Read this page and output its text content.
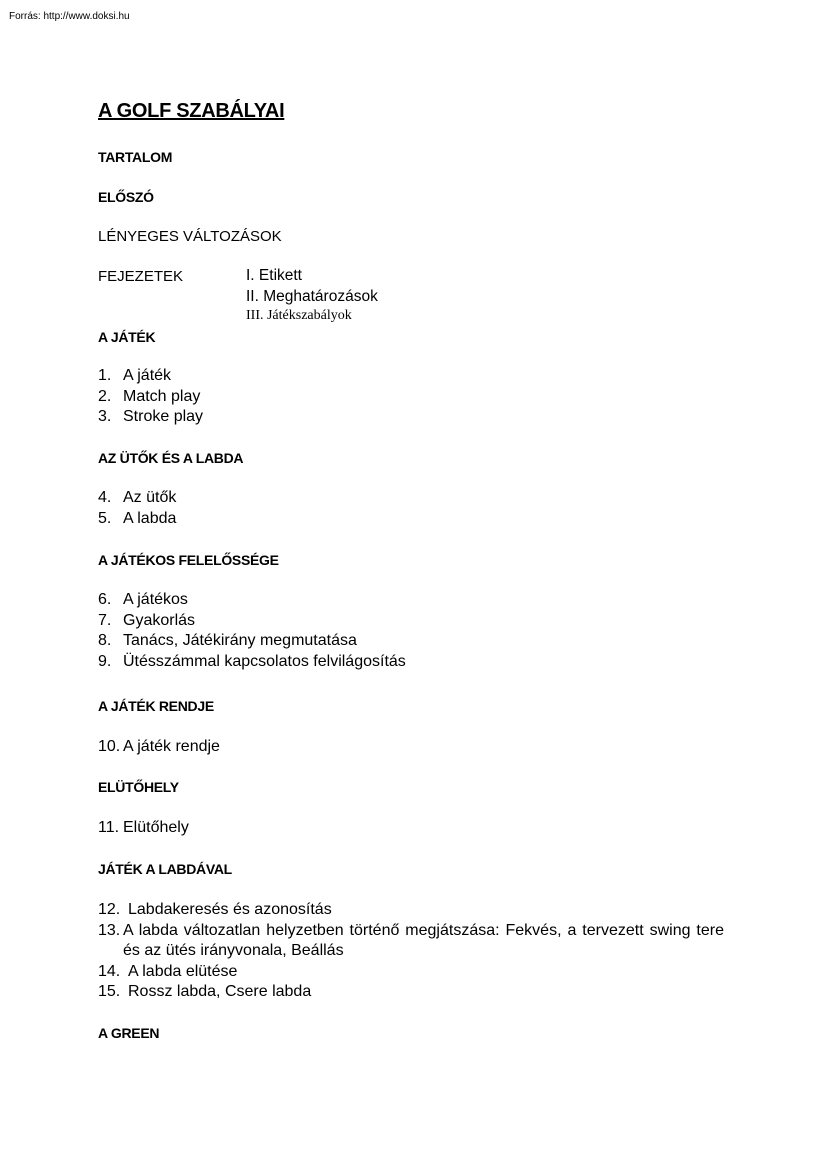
Forrás: http://www.doksi.hu
A GOLF SZABÁLYAI
TARTALOM
ELŐSZÓ
LÉNYEGES VÁLTOZÁSOK
FEJEZETEK	I. Etikett
II. Meghatározások
III. Játékszabályok
A JÁTÉK
1. A játék
2. Match play
3. Stroke play
AZ ÜTŐK ÉS A LABDA
4. Az ütők
5. A labda
A JÁTÉKOS FELELŐSSÉGE
6. A játékos
7. Gyakorlás
8. Tanács, Játékirány megmutatása
9. Ütésszámmal kapcsolatos felvilágosítás
A JÁTÉK RENDJE
10. A játék rendje
ELÜTŐHELY
11. Elütőhely
JÁTÉK A LABDÁVAL
12. Labdakeresés és azonosítás
13. A labda változatlan helyzetben történő megjátszása: Fekvés, a tervezett swing tere és az ütés irányvonala, Beállás
14. A labda elütése
15. Rossz labda, Csere labda
A GREEN
